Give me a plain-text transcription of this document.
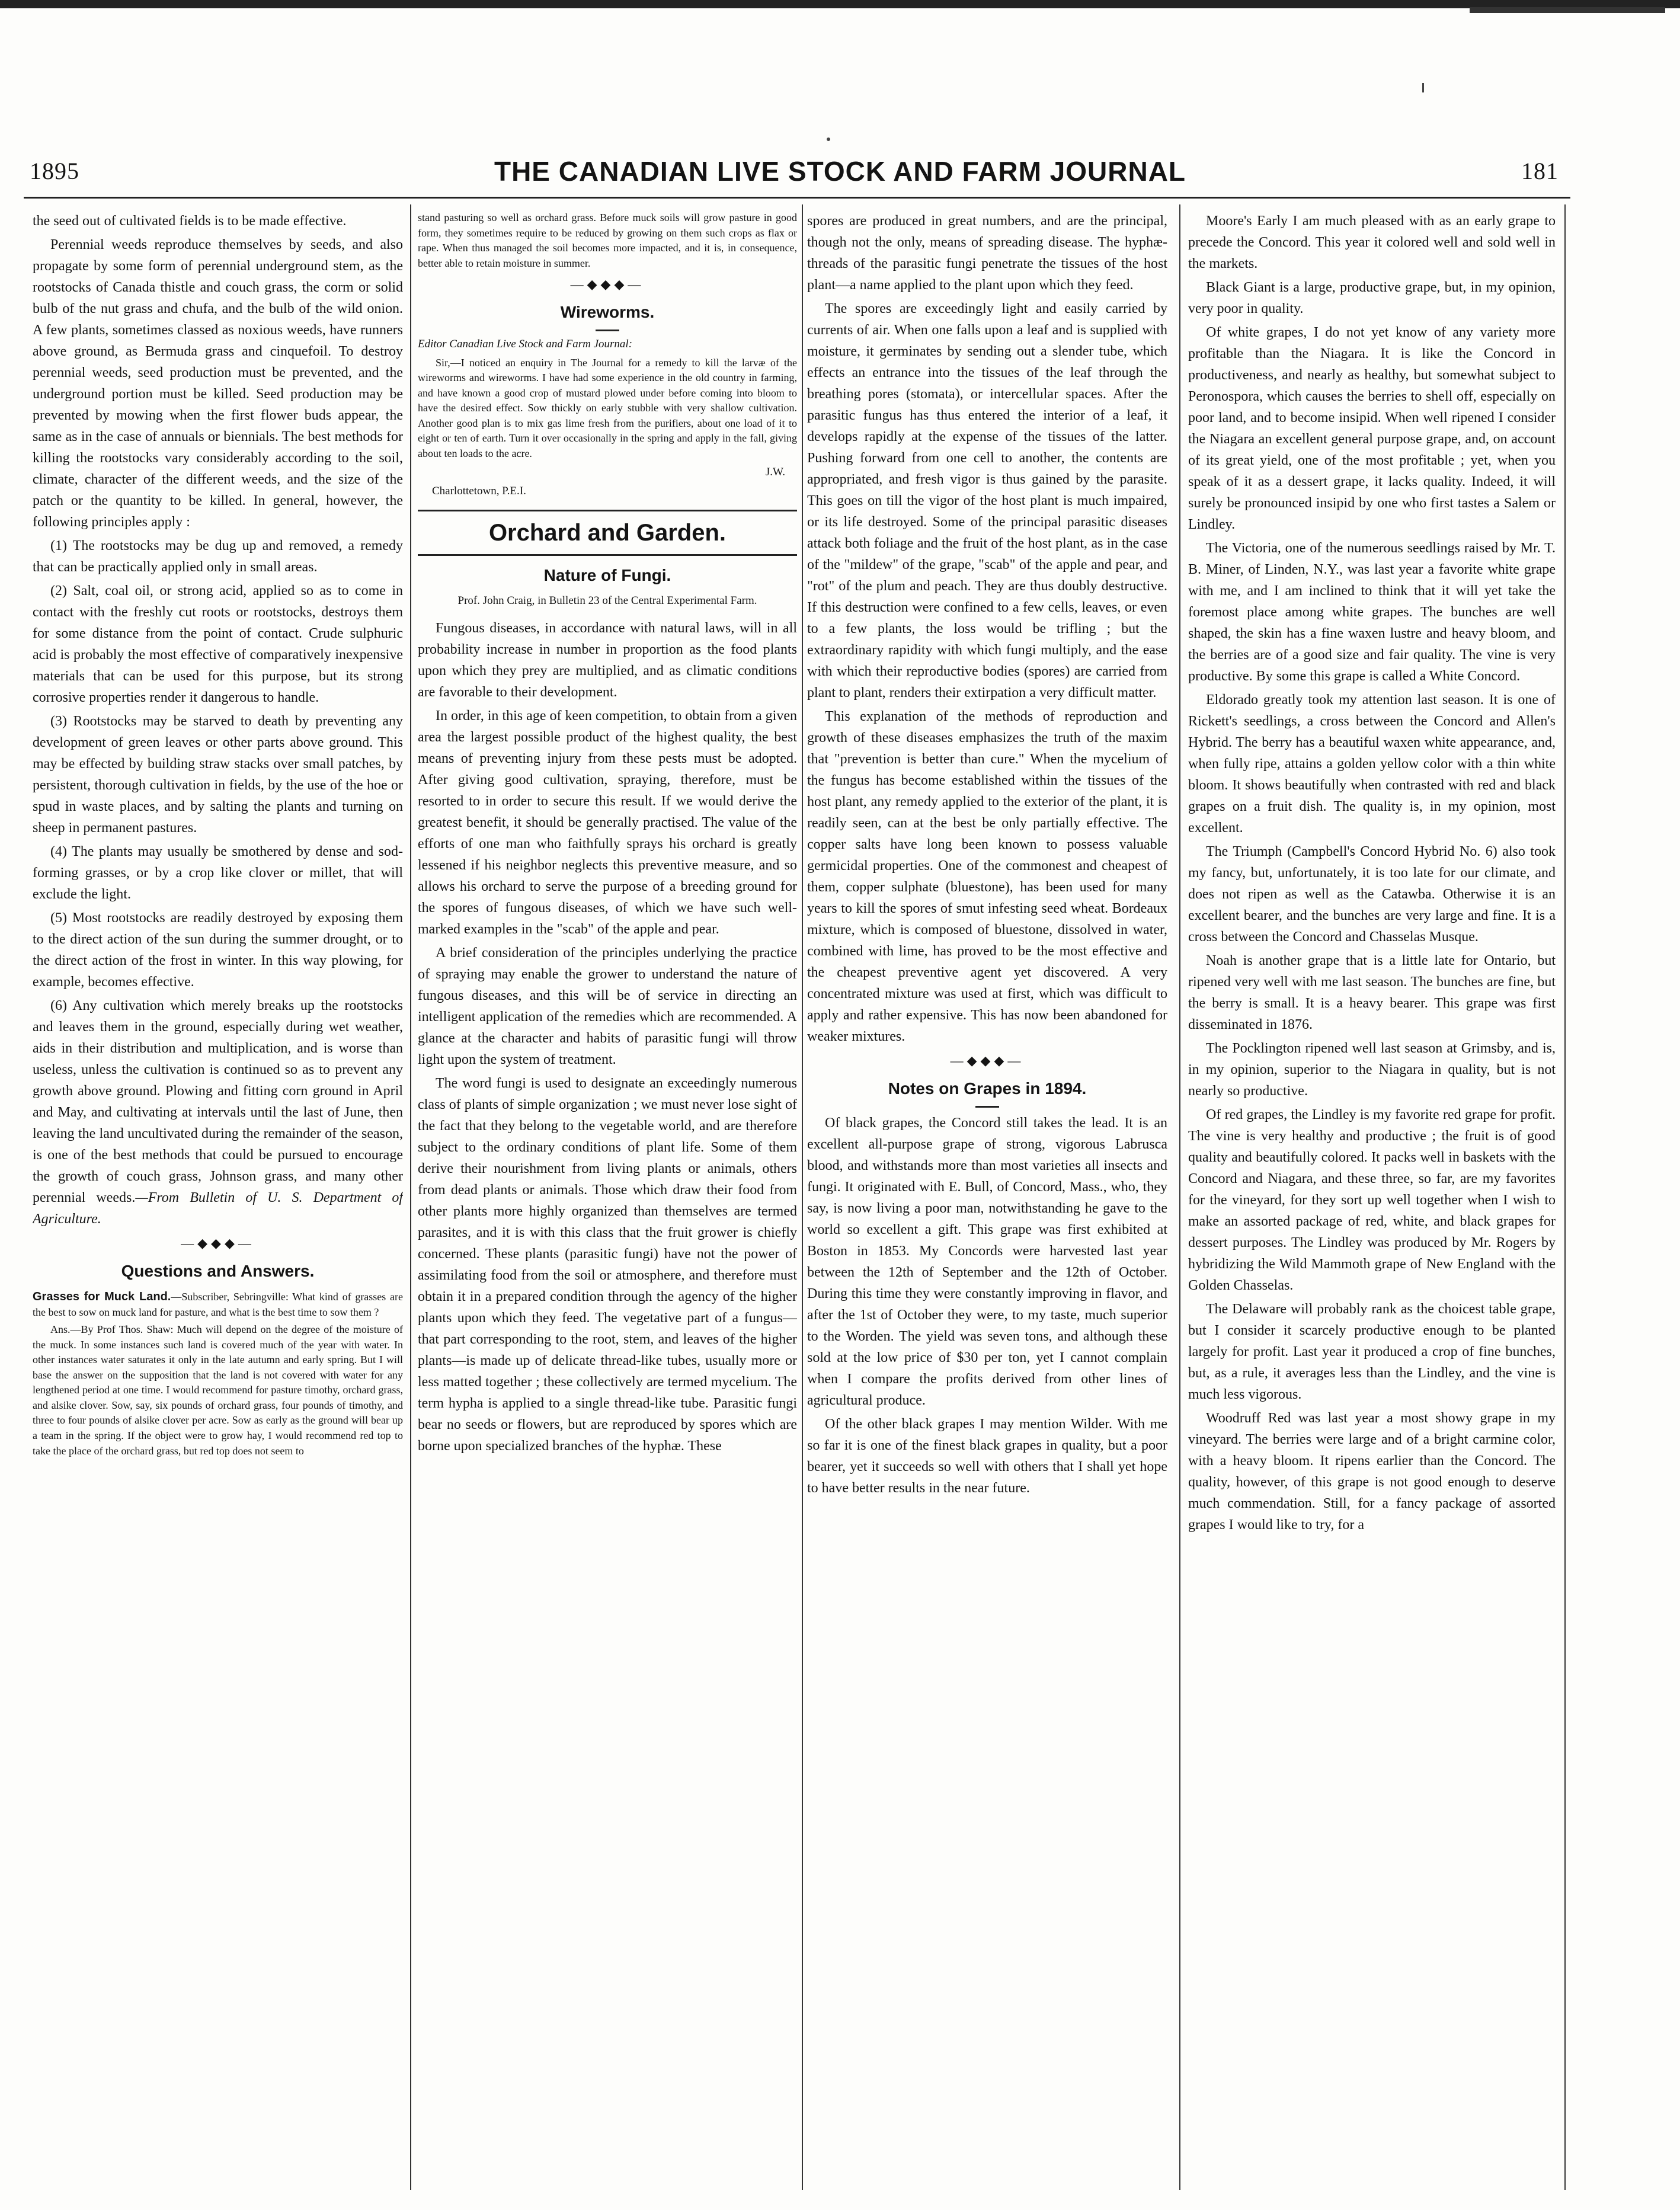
1895	THE CANADIAN LIVE STOCK AND FARM JOURNAL	181

the seed out of cultivated fields is to be made effective.

Perennial weeds reproduce themselves by seeds, and also propagate by some form of perennial underground stem, as the rootstocks of Canada thistle and couch grass, the corm or solid bulb of the nut grass and chufa, and the bulb of the wild onion. A few plants, sometimes classed as noxious weeds, have runners above ground, as Bermuda grass and cinquefoil. To destroy perennial weeds, seed production must be prevented, and the underground portion must be killed. Seed production may be prevented by mowing when the first flower buds appear, the same as in the case of annuals or biennials. The best methods for killing the rootstocks vary considerably according to the soil, climate, character of the different weeds, and the size of the patch or the quantity to be killed. In general, however, the following principles apply :

(1) The rootstocks may be dug up and removed, a remedy that can be practically applied only in small areas.

(2) Salt, coal oil, or strong acid, applied so as to come in contact with the freshly cut roots or rootstocks, destroys them for some distance from the point of contact. Crude sulphuric acid is probably the most effective of comparatively inexpensive materials that can be used for this purpose, but its strong corrosive properties render it dangerous to handle.

(3) Rootstocks may be starved to death by preventing any development of green leaves or other parts above ground. This may be effected by building straw stacks over small patches, by persistent, thorough cultivation in fields, by the use of the hoe or spud in waste places, and by salting the plants and turning on sheep in permanent pastures.

(4) The plants may usually be smothered by dense and sod-forming grasses, or by a crop like clover or millet, that will exclude the light.

(5) Most rootstocks are readily destroyed by exposing them to the direct action of the sun during the summer drought, or to the direct action of the frost in winter. In this way plowing, for example, becomes effective.

(6) Any cultivation which merely breaks up the rootstocks and leaves them in the ground, especially during wet weather, aids in their distribution and multiplication, and is worse than useless, unless the cultivation is continued so as to prevent any growth above ground. Plowing and fitting corn ground in April and May, and cultivating at intervals until the last of June, then leaving the land uncultivated during the remainder of the season, is one of the best methods that could be pursued to encourage the growth of couch grass, Johnson grass, and many other perennial weeds.—From Bulletin of U. S. Department of Agriculture.

—◆◆◆—
Questions and Answers.

Grasses for Muck Land.—Subscriber, Sebringville: What kind of grasses are the best to sow on muck land for pasture, and what is the best time to sow them ?

Ans.—By Prof Thos. Shaw: Much will depend on the degree of the moisture of the muck. In some instances such land is covered much of the year with water. In other instances water saturates it only in the late autumn and early spring. But I will base the answer on the supposition that the land is not covered with water for any lengthened period at one time. I would recommend for pasture timothy, orchard grass, and alsike clover. Sow, say, six pounds of orchard grass, four pounds of timothy, and three to four pounds of alsike clover per acre. Sow as early as the ground will bear up a team in the spring. If the object were to grow hay, I would recommend red top to take the place of the orchard grass, but red top does not seem to

stand pasturing so well as orchard grass. Before muck soils will grow pasture in good form, they sometimes require to be reduced by growing on them such crops as flax or rape. When thus managed the soil becomes more impacted, and it is, in consequence, better able to retain moisture in summer.

—◆◆◆—
Wireworms.

Editor Canadian Live Stock and Farm Journal:

Sir,—I noticed an enquiry in The Journal for a remedy to kill the larvæ of the wireworms and wireworms. I have had some experience in the old country in farming, and have known a good crop of mustard plowed under before coming into bloom to have the desired effect. Sow thickly on early stubble with very shallow cultivation. Another good plan is to mix gas lime fresh from the purifiers, about one load of it to eight or ten of earth. Turn it over occasionally in the spring and apply in the fall, giving about ten loads to the acre.

J.W.

Charlottetown, P.E.I.

Orchard and Garden.
Nature of Fungi.

Prof. John Craig, in Bulletin 23 of the Central Experimental Farm.

Fungous diseases, in accordance with natural laws, will in all probability increase in number in proportion as the food plants upon which they prey are multiplied, and as climatic conditions are favorable to their development.

In order, in this age of keen competition, to obtain from a given area the largest possible product of the highest quality, the best means of preventing injury from these pests must be adopted. After giving good cultivation, spraying, therefore, must be resorted to in order to secure this result. If we would derive the greatest benefit, it should be generally practised. The value of the efforts of one man who faithfully sprays his orchard is greatly lessened if his neighbor neglects this preventive measure, and so allows his orchard to serve the purpose of a breeding ground for the spores of fungous diseases, of which we have such well-marked examples in the "scab" of the apple and pear.

A brief consideration of the principles underlying the practice of spraying may enable the grower to understand the nature of fungous diseases, and this will be of service in directing an intelligent application of the remedies which are recommended. A glance at the character and habits of parasitic fungi will throw light upon the system of treatment.

The word fungi is used to designate an exceedingly numerous class of plants of simple organization ; we must never lose sight of the fact that they belong to the vegetable world, and are therefore subject to the ordinary conditions of plant life. Some of them derive their nourishment from living plants or animals, others from dead plants or animals. Those which draw their food from other plants more highly organized than themselves are termed parasites, and it is with this class that the fruit grower is chiefly concerned. These plants (parasitic fungi) have not the power of assimilating food from the soil or atmosphere, and therefore must obtain it in a prepared condition through the agency of the higher plants upon which they feed. The vegetative part of a fungus—that part corresponding to the root, stem, and leaves of the higher plants—is made up of delicate thread-like tubes, usually more or less matted together ; these collectively are termed mycelium. The term hypha is applied to a single thread-like tube. Parasitic fungi bear no seeds or flowers, but are reproduced by spores which are borne upon specialized branches of the hyphæ. These

spores are produced in great numbers, and are the principal, though not the only, means of spreading disease. The hyphæ-threads of the parasitic fungi penetrate the tissues of the host plant—a name applied to the plant upon which they feed.

The spores are exceedingly light and easily carried by currents of air. When one falls upon a leaf and is supplied with moisture, it germinates by sending out a slender tube, which effects an entrance into the tissues of the leaf through the breathing pores (stomata), or intercellular spaces. After the parasitic fungus has thus entered the interior of a leaf, it develops rapidly at the expense of the tissues of the latter. Pushing forward from one cell to another, the contents are appropriated, and fresh vigor is thus gained by the parasite. This goes on till the vigor of the host plant is much impaired, or its life destroyed. Some of the principal parasitic diseases attack both foliage and the fruit of the host plant, as in the case of the "mildew" of the grape, "scab" of the apple and pear, and "rot" of the plum and peach. They are thus doubly destructive. If this destruction were confined to a few cells, leaves, or even to a few plants, the loss would be trifling ; but the extraordinary rapidity with which fungi multiply, and the ease with which their reproductive bodies (spores) are carried from plant to plant, renders their extirpation a very difficult matter.

This explanation of the methods of reproduction and growth of these diseases emphasizes the truth of the maxim that "prevention is better than cure." When the mycelium of the fungus has become established within the tissues of the host plant, any remedy applied to the exterior of the plant, it is readily seen, can at the best be only partially effective. The copper salts have long been known to possess valuable germicidal properties. One of the commonest and cheapest of them, copper sulphate (bluestone), has been used for many years to kill the spores of smut infesting seed wheat. Bordeaux mixture, which is composed of bluestone, dissolved in water, combined with lime, has proved to be the most effective and the cheapest preventive agent yet discovered. A very concentrated mixture was used at first, which was difficult to apply and rather expensive. This has now been abandoned for weaker mixtures.

—◆◆◆—
Notes on Grapes in 1894.

Of black grapes, the Concord still takes the lead. It is an excellent all-purpose grape of strong, vigorous Labrusca blood, and withstands more than most varieties all insects and fungi. It originated with E. Bull, of Concord, Mass., who, they say, is now living a poor man, notwithstanding he gave to the world so excellent a gift. This grape was first exhibited at Boston in 1853. My Concords were harvested last year between the 12th of September and the 12th of October. During this time they were constantly improving in flavor, and after the 1st of October they were, to my taste, much superior to the Worden. The yield was seven tons, and although these sold at the low price of $30 per ton, yet I cannot complain when I compare the profits derived from other lines of agricultural produce.

Of the other black grapes I may mention Wilder. With me so far it is one of the finest black grapes in quality, but a poor bearer, yet it succeeds so well with others that I shall yet hope to have better results in the near future.

Moore's Early I am much pleased with as an early grape to precede the Concord. This year it colored well and sold well in the markets.

Black Giant is a large, productive grape, but, in my opinion, very poor in quality.

Of white grapes, I do not yet know of any variety more profitable than the Niagara. It is like the Concord in productiveness, and nearly as healthy, but somewhat subject to Peronospora, which causes the berries to shell off, especially on poor land, and to become insipid. When well ripened I consider the Niagara an excellent general purpose grape, and, on account of its great yield, one of the most profitable ; yet, when you speak of it as a dessert grape, it lacks quality. Indeed, it will surely be pronounced insipid by one who first tastes a Salem or Lindley.

The Victoria, one of the numerous seedlings raised by Mr. T. B. Miner, of Linden, N.Y., was last year a favorite white grape with me, and I am inclined to think that it will yet take the foremost place among white grapes. The bunches are well shaped, the skin has a fine waxen lustre and heavy bloom, and the berries are of a good size and fair quality. The vine is very productive. By some this grape is called a White Concord.

Eldorado greatly took my attention last season. It is one of Rickett's seedlings, a cross between the Concord and Allen's Hybrid. The berry has a beautiful waxen white appearance, and, when fully ripe, attains a golden yellow color with a thin white bloom. It shows beautifully when contrasted with red and black grapes on a fruit dish. The quality is, in my opinion, most excellent.

The Triumph (Campbell's Concord Hybrid No. 6) also took my fancy, but, unfortunately, it is too late for our climate, and does not ripen as well as the Catawba. Otherwise it is an excellent bearer, and the bunches are very large and fine. It is a cross between the Concord and Chasselas Musque.

Noah is another grape that is a little late for Ontario, but ripened very well with me last season. The bunches are fine, but the berry is small. It is a heavy bearer. This grape was first disseminated in 1876.

The Pocklington ripened well last season at Grimsby, and is, in my opinion, superior to the Niagara in quality, but is not nearly so productive.

Of red grapes, the Lindley is my favorite red grape for profit. The vine is very healthy and productive ; the fruit is of good quality and beautifully colored. It packs well in baskets with the Concord and Niagara, and these three, so far, are my favorites for the vineyard, for they sort up well together when I wish to make an assorted package of red, white, and black grapes for dessert purposes. The Lindley was produced by Mr. Rogers by hybridizing the Wild Mammoth grape of New England with the Golden Chasselas.

The Delaware will probably rank as the choicest table grape, but I consider it scarcely productive enough to be planted largely for profit. Last year it produced a crop of fine bunches, but, as a rule, it averages less than the Lindley, and the vine is much less vigorous.

Woodruff Red was last year a most showy grape in my vineyard. The berries were large and of a bright carmine color, with a heavy bloom. It ripens earlier than the Concord. The quality, however, of this grape is not good enough to deserve much commendation. Still, for a fancy package of assorted grapes I would like to try, for a
